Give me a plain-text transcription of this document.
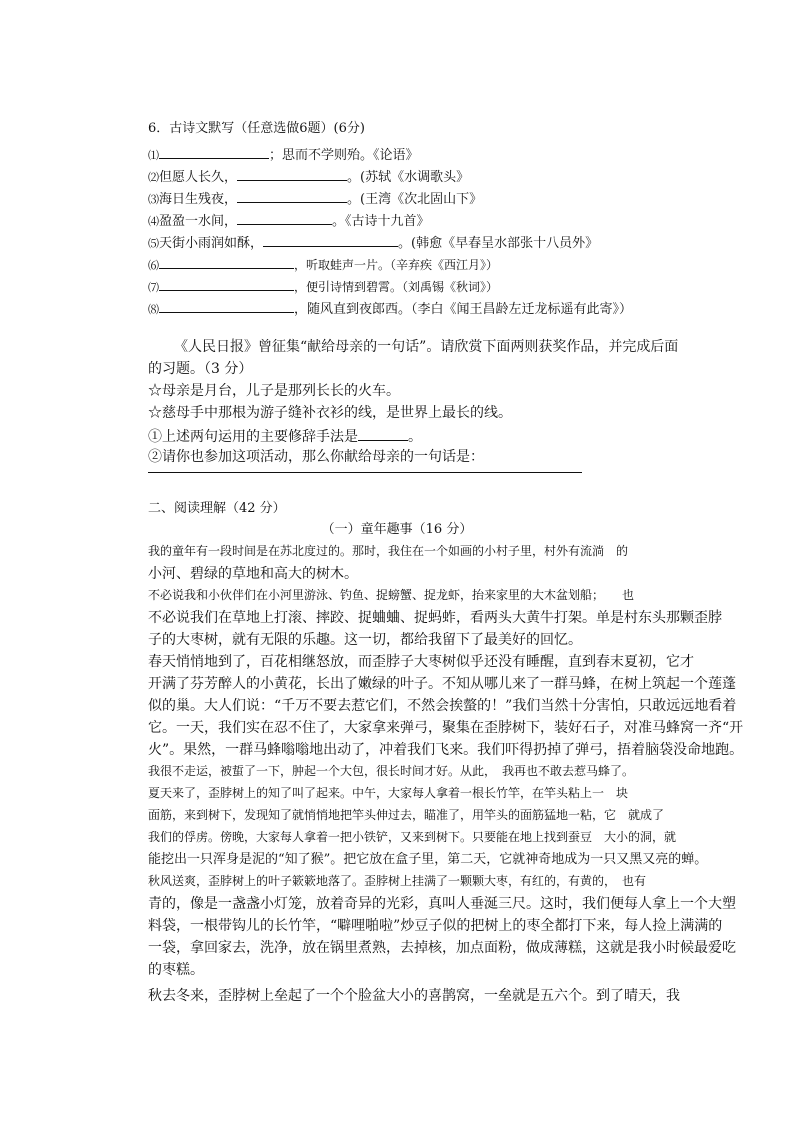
6．古诗文默写（任意选做6题）(6分)
⑴	；思而不学则殆。《论语》
⑵但愿人长久，	。(苏轼《水调歌头》
⑶海日生残夜，	。(王湾《次北固山下》
⑷盈盈一水间，	。《古诗十九首》
⑸天街小雨润如酥，	。(韩愈《早春呈水部张十八员外》
⑹	，听取蛙声一片。（辛弃疾《西江月》）
⑺	，便引诗情到碧霄。（刘禹锡《秋词》）
⑻	，随风直到夜郎西。（李白《闻王昌龄左迁龙标遥有此寄》）
《人民日报》曾征集“献给母亲的一句话”。请欣赏下面两则获奖作品，并完成后面
的习题。（3 分）
☆母亲是月台，儿子是那列长长的火车。
☆慈母手中那根为游子缝补衣衫的线，是世界上最长的线。
①上述两句运用的主要修辞手法是	。
②请你也参加这项活动，那么你献给母亲的一句话是：
二、阅读理解（42 分）
（一）童年趣事（16 分）
我的童年有一段时间是在苏北度过的。那时，我住在一个如画的小村子里，村外有流淌　的
小河、碧绿的草地和高大的树木。
不必说我和小伙伴们在小河里游泳、钓鱼、捉螃蟹、捉龙虾，抬来家里的大木盆划船；　　也
不必说我们在草地上打滚、摔跤、捉蛐蛐、捉蚂蚱，看两头大黄牛打架。单是村东头那颗歪脖
子的大枣树，就有无限的乐趣。这一切，都给我留下了最美好的回忆。
春天悄悄地到了，百花相继怒放，而歪脖子大枣树似乎还没有睡醒，直到春末夏初，它才
开满了芬芳醉人的小黄花，长出了嫩绿的叶子。不知从哪儿来了一群马蜂，在树上筑起一个莲蓬
似的巢。大人们说：“千万不要去惹它们，不然会挨螫的！”我们当然十分害怕，只敢远远地看着
它。一天，我们实在忍不住了，大家拿来弹弓，聚集在歪脖树下，装好石子，对准马蜂窝一齐“开
火”。果然，一群马蜂嗡嗡地出动了，冲着我们飞来。我们吓得扔掉了弹弓，捂着脑袋没命地跑。
我很不走运，被蜇了一下，肿起一个大包，很长时间才好。从此，　我再也不敢去惹马蜂了。
夏天来了，歪脖树上的知了叫了起来。中午，大家每人拿着一根长竹竿，在竿头粘上一　块
面筋，来到树下，发现知了就悄悄地把竿头伸过去，瞄准了，用竿头的面筋猛地一粘，它　就成了
我们的俘虏。傍晚，大家每人拿着一把小铁铲，又来到树下。只要能在地上找到蚕豆　大小的洞，就
能挖出一只浑身是泥的“知了猴”。把它放在盒子里，第二天，它就神奇地成为一只又黑又亮的蝉。
秋风送爽，歪脖树上的叶子簌簌地落了。歪脖树上挂满了一颗颗大枣，有红的，有黄的，　也有
青的，像是一盏盏小灯笼，放着奇异的光彩，真叫人垂涎三尺。这时，我们便每人拿上一个大塑
料袋，一根带钩儿的长竹竿，“噼哩啪啦”炒豆子似的把树上的枣全都打下来，每人捡上满满的
一袋，拿回家去，洗净，放在锅里煮熟，去掉核，加点面粉，做成薄糕，这就是我小时候最爱吃
的枣糕。
秋去冬来，歪脖树上垒起了一个个脸盆大小的喜鹊窝，一垒就是五六个。到了晴天，我
